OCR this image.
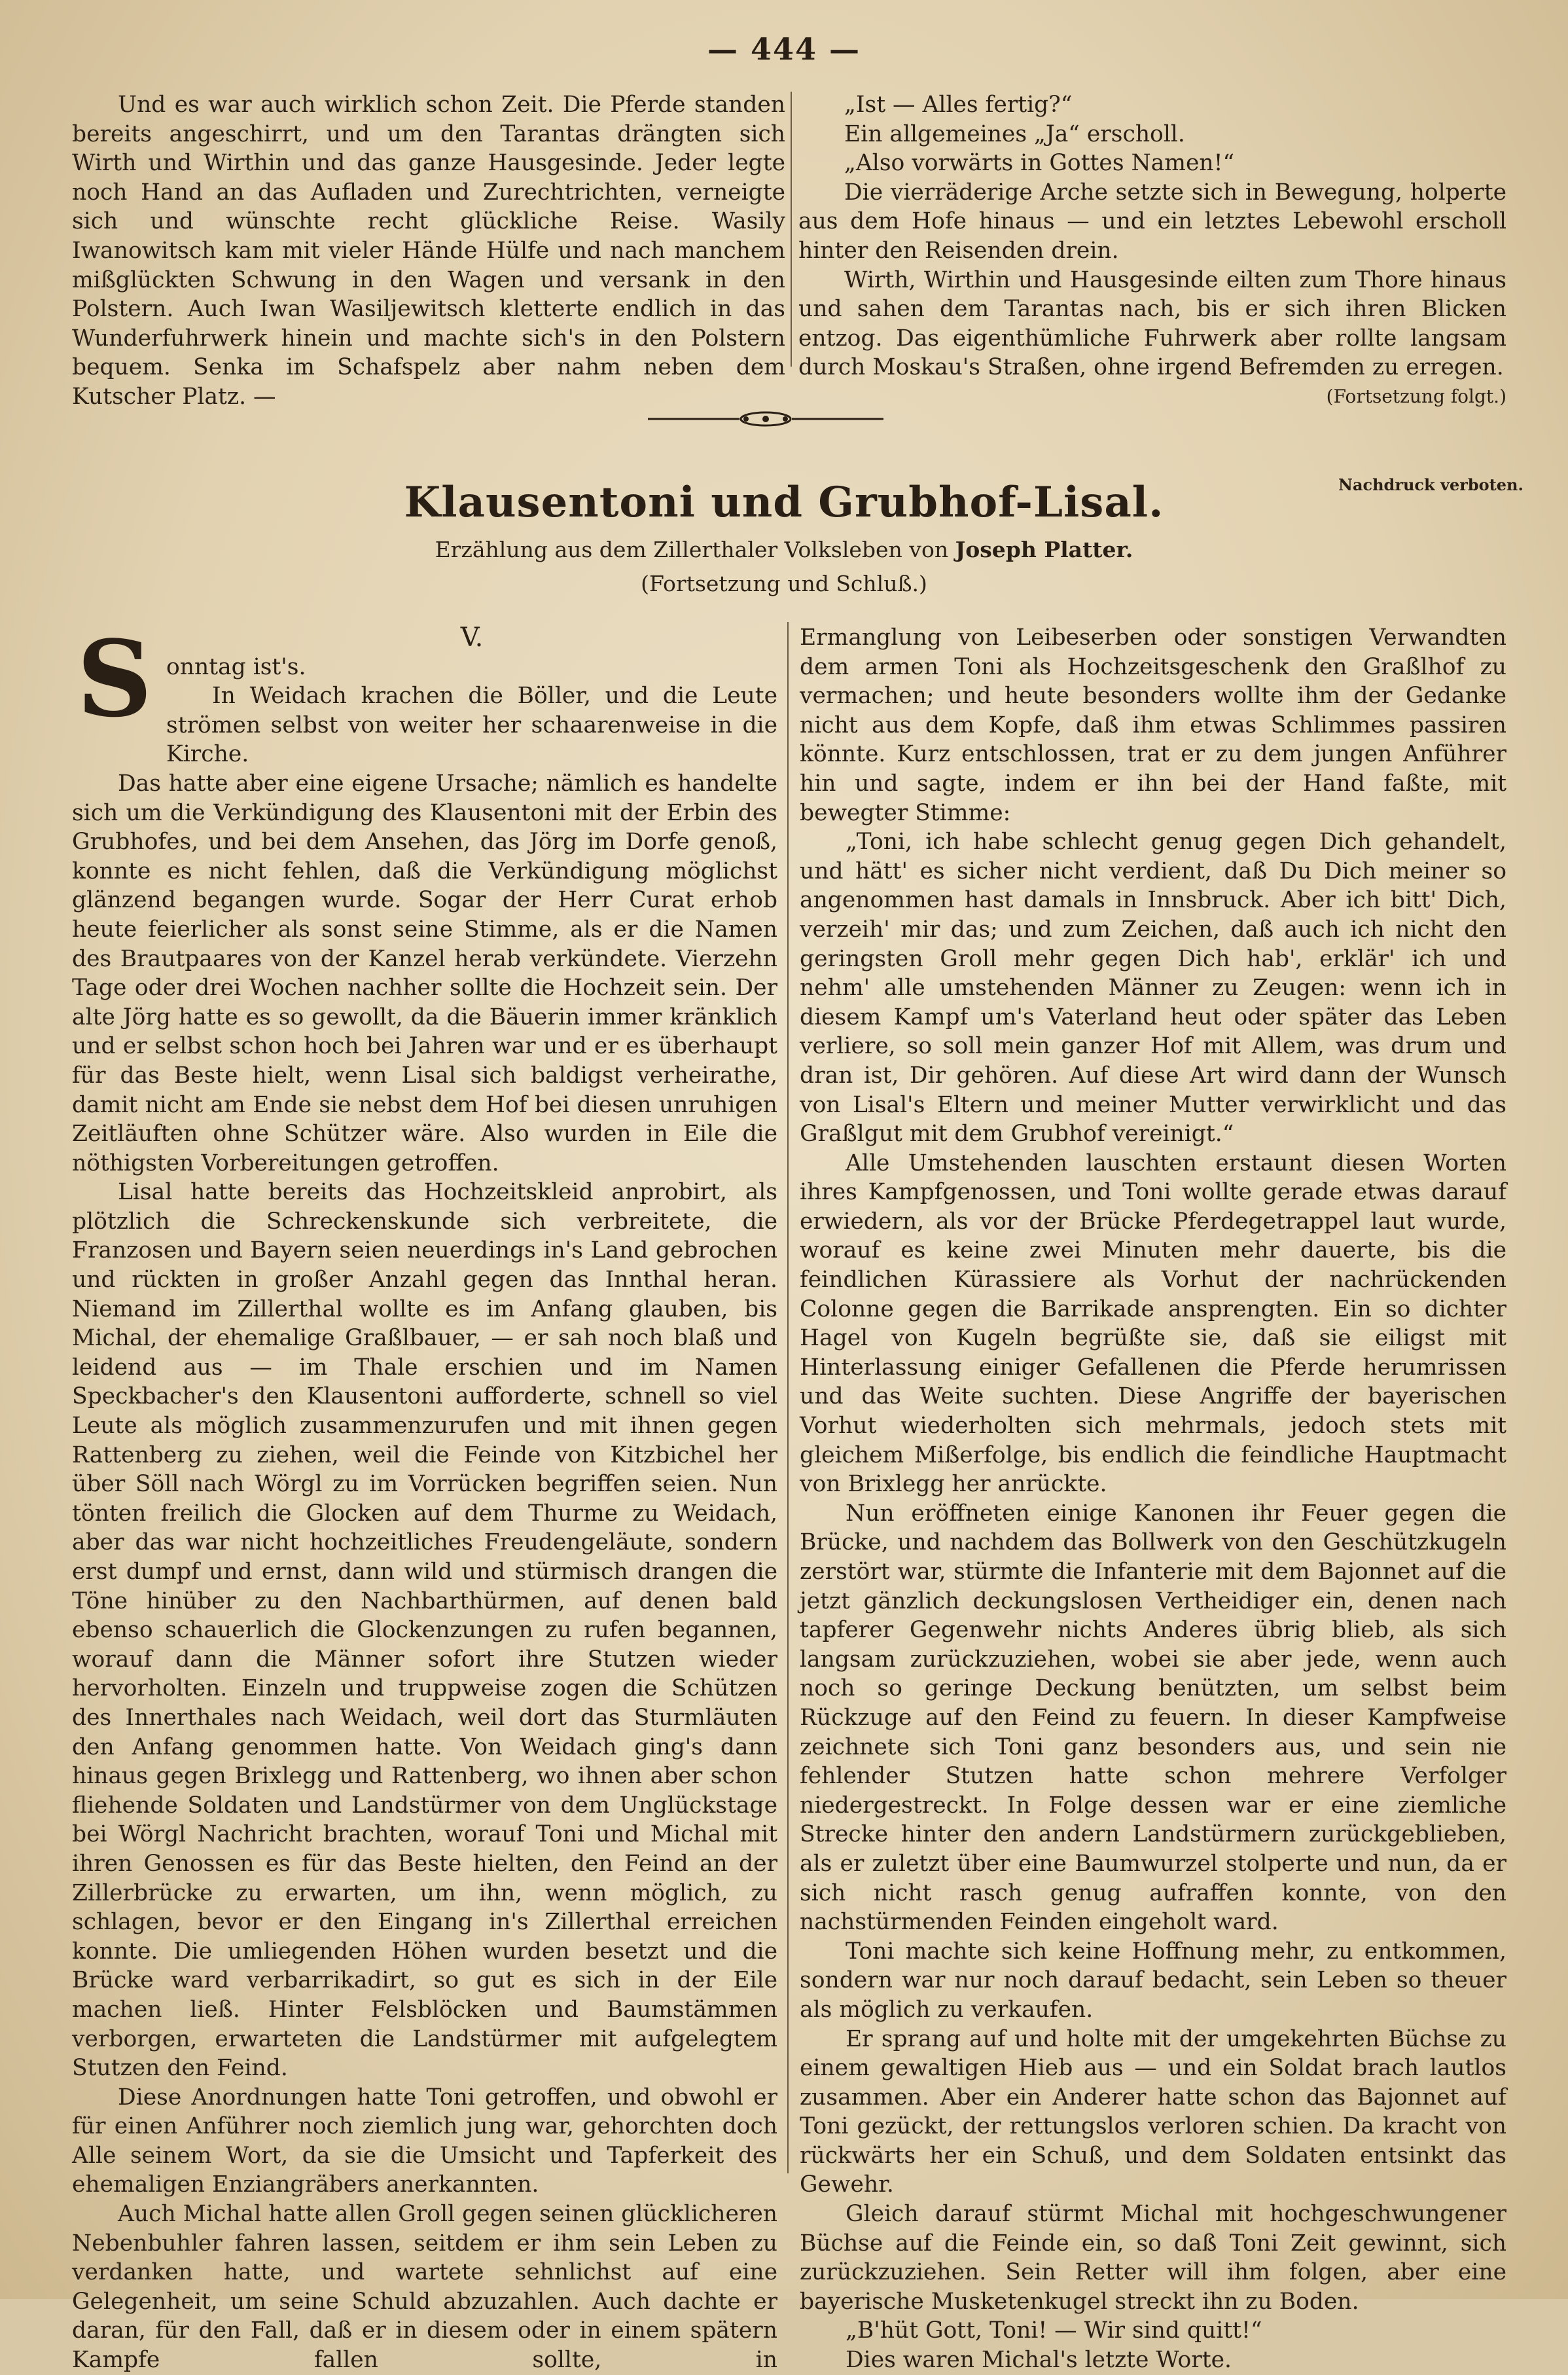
— 444 —

Und es war auch wirklich schon Zeit. Die Pferde standen bereits angeschirrt, und um den Tarantas drängten sich Wirth und Wirthin und das ganze Hausgesinde. Jeder legte noch Hand an das Aufladen und Zurechtrichten, verneigte sich und wünschte recht glückliche Reise. Wasily Iwanowitsch kam mit vieler Hände Hülfe und nach manchem mißglückten Schwung in den Wagen und versank in den Polstern. Auch Iwan Wasiljewitsch kletterte endlich in das Wunderfuhrwerk hinein und machte sich's in den Polstern bequem. Senka im Schafspelz aber nahm neben dem Kutscher Platz. —

„Ist — Alles fertig?“

Ein allgemeines „Ja“ erscholl.

„Also vorwärts in Gottes Namen!“

Die vierräderige Arche setzte sich in Bewegung, holperte aus dem Hofe hinaus — und ein letztes Lebewohl erscholl hinter den Reisenden drein.

Wirth, Wirthin und Hausgesinde eilten zum Thore hinaus und sahen dem Tarantas nach, bis er sich ihren Blicken entzog. Das eigenthümliche Fuhrwerk aber rollte langsam durch Moskau's Straßen, ohne irgend Befremden zu erregen.

(Fortsetzung folgt.)
Klausentoni und Grubhof-Lisal.	Nachdruck verboten.
Erzählung aus dem Zillerthaler Volksleben von Joseph Platter.
(Fortsetzung und Schluß.)
S	V.

onntag ist's.

In Weidach krachen die Böller, und die Leute strömen selbst von weiter her schaarenweise in die Kirche.

Das hatte aber eine eigene Ursache; nämlich es handelte sich um die Verkündigung des Klausentoni mit der Erbin des Grubhofes, und bei dem Ansehen, das Jörg im Dorfe genoß, konnte es nicht fehlen, daß die Verkündigung möglichst glänzend begangen wurde. Sogar der Herr Curat erhob heute feierlicher als sonst seine Stimme, als er die Namen des Brautpaares von der Kanzel herab verkündete. Vierzehn Tage oder drei Wochen nachher sollte die Hochzeit sein. Der alte Jörg hatte es so gewollt, da die Bäuerin immer kränklich und er selbst schon hoch bei Jahren war und er es überhaupt für das Beste hielt, wenn Lisal sich baldigst verheirathe, damit nicht am Ende sie nebst dem Hof bei diesen unruhigen Zeitläuften ohne Schützer wäre. Also wurden in Eile die nöthigsten Vorbereitungen getroffen.

Lisal hatte bereits das Hochzeitskleid anprobirt, als plötzlich die Schreckenskunde sich verbreitete, die Franzosen und Bayern seien neuerdings in's Land gebrochen und rückten in großer Anzahl gegen das Innthal heran. Niemand im Zillerthal wollte es im Anfang glauben, bis Michal, der ehemalige Graßlbauer, — er sah noch blaß und leidend aus — im Thale erschien und im Namen Speckbacher's den Klausentoni aufforderte, schnell so viel Leute als möglich zusammenzurufen und mit ihnen gegen Rattenberg zu ziehen, weil die Feinde von Kitzbichel her über Söll nach Wörgl zu im Vorrücken begriffen seien. Nun tönten freilich die Glocken auf dem Thurme zu Weidach, aber das war nicht hochzeitliches Freudengeläute, sondern erst dumpf und ernst, dann wild und stürmisch drangen die Töne hinüber zu den Nachbarthürmen, auf denen bald ebenso schauerlich die Glockenzungen zu rufen begannen, worauf dann die Männer sofort ihre Stutzen wieder hervorholten. Einzeln und truppweise zogen die Schützen des Innerthales nach Weidach, weil dort das Sturmläuten den Anfang genommen hatte. Von Weidach ging's dann hinaus gegen Brixlegg und Rattenberg, wo ihnen aber schon fliehende Soldaten und Landstürmer von dem Unglückstage bei Wörgl Nachricht brachten, worauf Toni und Michal mit ihren Genossen es für das Beste hielten, den Feind an der Zillerbrücke zu erwarten, um ihn, wenn möglich, zu schlagen, bevor er den Eingang in's Zillerthal erreichen konnte. Die umliegenden Höhen wurden besetzt und die Brücke ward verbarrikadirt, so gut es sich in der Eile machen ließ. Hinter Felsblöcken und Baumstämmen verborgen, erwarteten die Landstürmer mit aufgelegtem Stutzen den Feind.

Diese Anordnungen hatte Toni getroffen, und obwohl er für einen Anführer noch ziemlich jung war, gehorchten doch Alle seinem Wort, da sie die Umsicht und Tapferkeit des ehemaligen Enziangräbers anerkannten.

Auch Michal hatte allen Groll gegen seinen glücklicheren Nebenbuhler fahren lassen, seitdem er ihm sein Leben zu verdanken hatte, und wartete sehnlichst auf eine Gelegenheit, um seine Schuld abzuzahlen. Auch dachte er daran, für den Fall, daß er in diesem oder in einem spätern Kampfe fallen sollte, in

Ermanglung von Leibeserben oder sonstigen Verwandten dem armen Toni als Hochzeitsgeschenk den Graßlhof zu vermachen; und heute besonders wollte ihm der Gedanke nicht aus dem Kopfe, daß ihm etwas Schlimmes passiren könnte. Kurz entschlossen, trat er zu dem jungen Anführer hin und sagte, indem er ihn bei der Hand faßte, mit bewegter Stimme:

„Toni, ich habe schlecht genug gegen Dich gehandelt, und hätt' es sicher nicht verdient, daß Du Dich meiner so angenommen hast damals in Innsbruck. Aber ich bitt' Dich, verzeih' mir das; und zum Zeichen, daß auch ich nicht den geringsten Groll mehr gegen Dich hab', erklär' ich und nehm' alle umstehenden Männer zu Zeugen: wenn ich in diesem Kampf um's Vaterland heut oder später das Leben verliere, so soll mein ganzer Hof mit Allem, was drum und dran ist, Dir gehören. Auf diese Art wird dann der Wunsch von Lisal's Eltern und meiner Mutter verwirklicht und das Graßlgut mit dem Grubhof vereinigt.“

Alle Umstehenden lauschten erstaunt diesen Worten ihres Kampfgenossen, und Toni wollte gerade etwas darauf erwiedern, als vor der Brücke Pferdegetrappel laut wurde, worauf es keine zwei Minuten mehr dauerte, bis die feindlichen Kürassiere als Vorhut der nachrückenden Colonne gegen die Barrikade ansprengten. Ein so dichter Hagel von Kugeln begrüßte sie, daß sie eiligst mit Hinterlassung einiger Gefallenen die Pferde herumrissen und das Weite suchten. Diese Angriffe der bayerischen Vorhut wiederholten sich mehrmals, jedoch stets mit gleichem Mißerfolge, bis endlich die feindliche Hauptmacht von Brixlegg her anrückte.

Nun eröffneten einige Kanonen ihr Feuer gegen die Brücke, und nachdem das Bollwerk von den Geschützkugeln zerstört war, stürmte die Infanterie mit dem Bajonnet auf die jetzt gänzlich deckungslosen Vertheidiger ein, denen nach tapferer Gegenwehr nichts Anderes übrig blieb, als sich langsam zurückzuziehen, wobei sie aber jede, wenn auch noch so geringe Deckung benützten, um selbst beim Rückzuge auf den Feind zu feuern. In dieser Kampfweise zeichnete sich Toni ganz besonders aus, und sein nie fehlender Stutzen hatte schon mehrere Verfolger niedergestreckt. In Folge dessen war er eine ziemliche Strecke hinter den andern Landstürmern zurückgeblieben, als er zuletzt über eine Baumwurzel stolperte und nun, da er sich nicht rasch genug aufraffen konnte, von den nachstürmenden Feinden eingeholt ward.

Toni machte sich keine Hoffnung mehr, zu entkommen, sondern war nur noch darauf bedacht, sein Leben so theuer als möglich zu verkaufen.

Er sprang auf und holte mit der umgekehrten Büchse zu einem gewaltigen Hieb aus — und ein Soldat brach lautlos zusammen. Aber ein Anderer hatte schon das Bajonnet auf Toni gezückt, der rettungslos verloren schien. Da kracht von rückwärts her ein Schuß, und dem Soldaten entsinkt das Gewehr.

Gleich darauf stürmt Michal mit hochgeschwungener Büchse auf die Feinde ein, so daß Toni Zeit gewinnt, sich zurückzuziehen. Sein Retter will ihm folgen, aber eine bayerische Musketenkugel streckt ihn zu Boden.

„B'hüt Gott, Toni! — Wir sind quitt!“

Dies waren Michal's letzte Worte.
